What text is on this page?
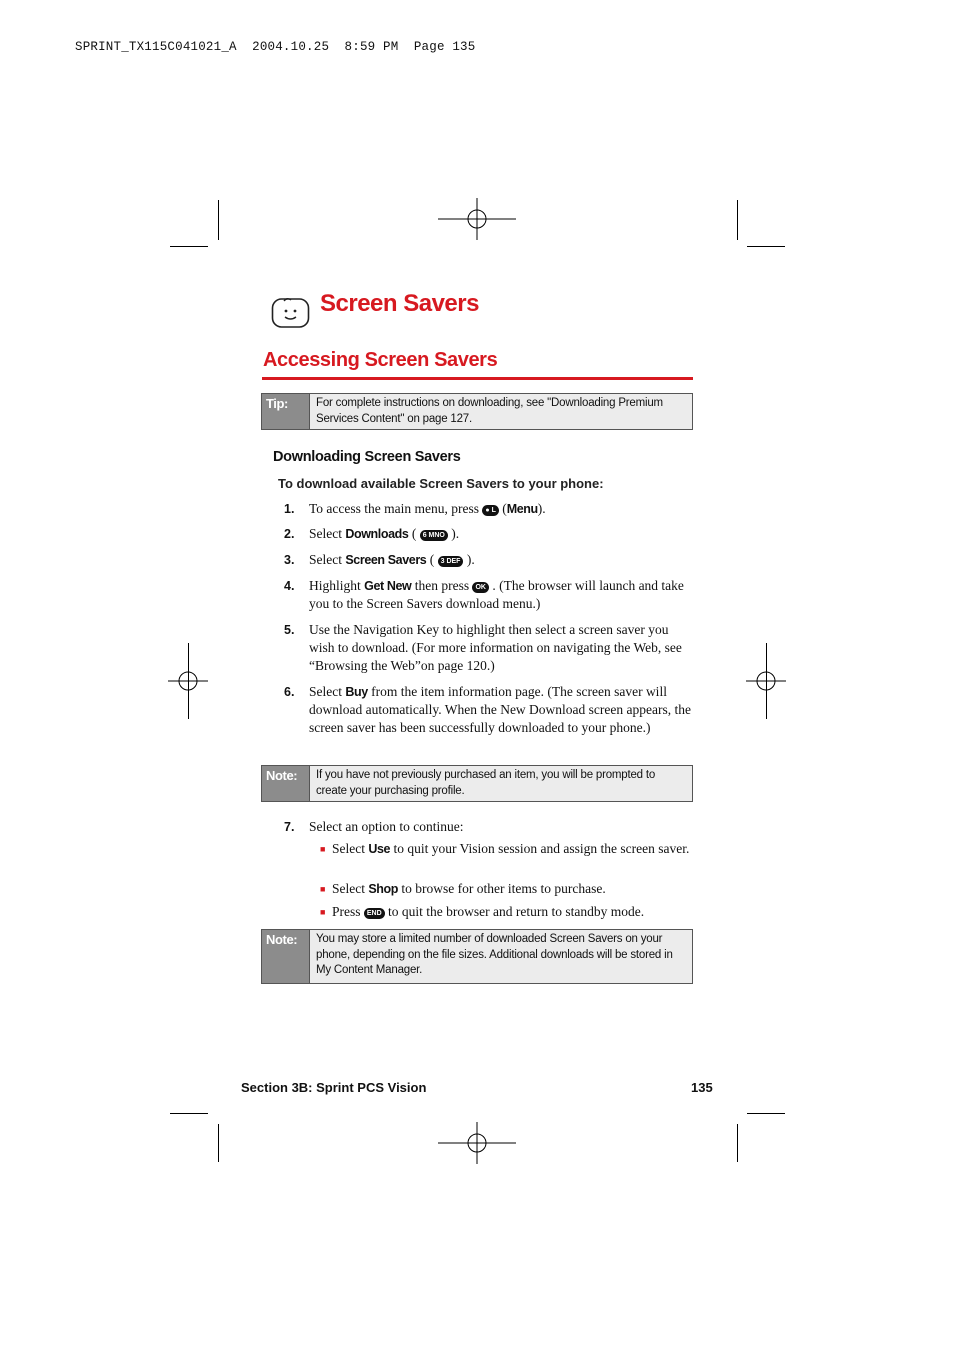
SPRINT_TX115C041021_A  2004.10.25  8:59 PM  Page 135
Screen Savers
Accessing Screen Savers
Tip:	For complete instructions on downloading, see "Downloading Premium Services Content" on page 127.
Downloading Screen Savers
To download available Screen Savers to your phone:
1.	To access the main menu, press ● L (Menu).
2.	Select Downloads ( 6 MNO ).
3.	Select Screen Savers ( 3 DEF ).
4.	Highlight Get New then press OK . (The browser will launch and take you to the Screen Savers download menu.)
5.	Use the Navigation Key to highlight then select a screen saver you wish to download. (For more information on navigating the Web, see “Browsing the Web”on page 120.)
6.	Select Buy from the item information page. (The screen saver will download automatically. When the New Download screen appears, the screen saver has been successfully downloaded to your phone.)
Note:	If you have not previously purchased an item, you will be prompted to create your purchasing profile.
7.	Select an option to continue:
■ Select Use to quit your Vision session and assign the screen saver.
■ Select Shop to browse for other items to purchase.
■ Press END to quit the browser and return to standby mode.
Note:	You may store a limited number of downloaded Screen Savers on your phone, depending on the file sizes. Additional downloads will be stored in My Content Manager.
Section 3B: Sprint PCS Vision	135
